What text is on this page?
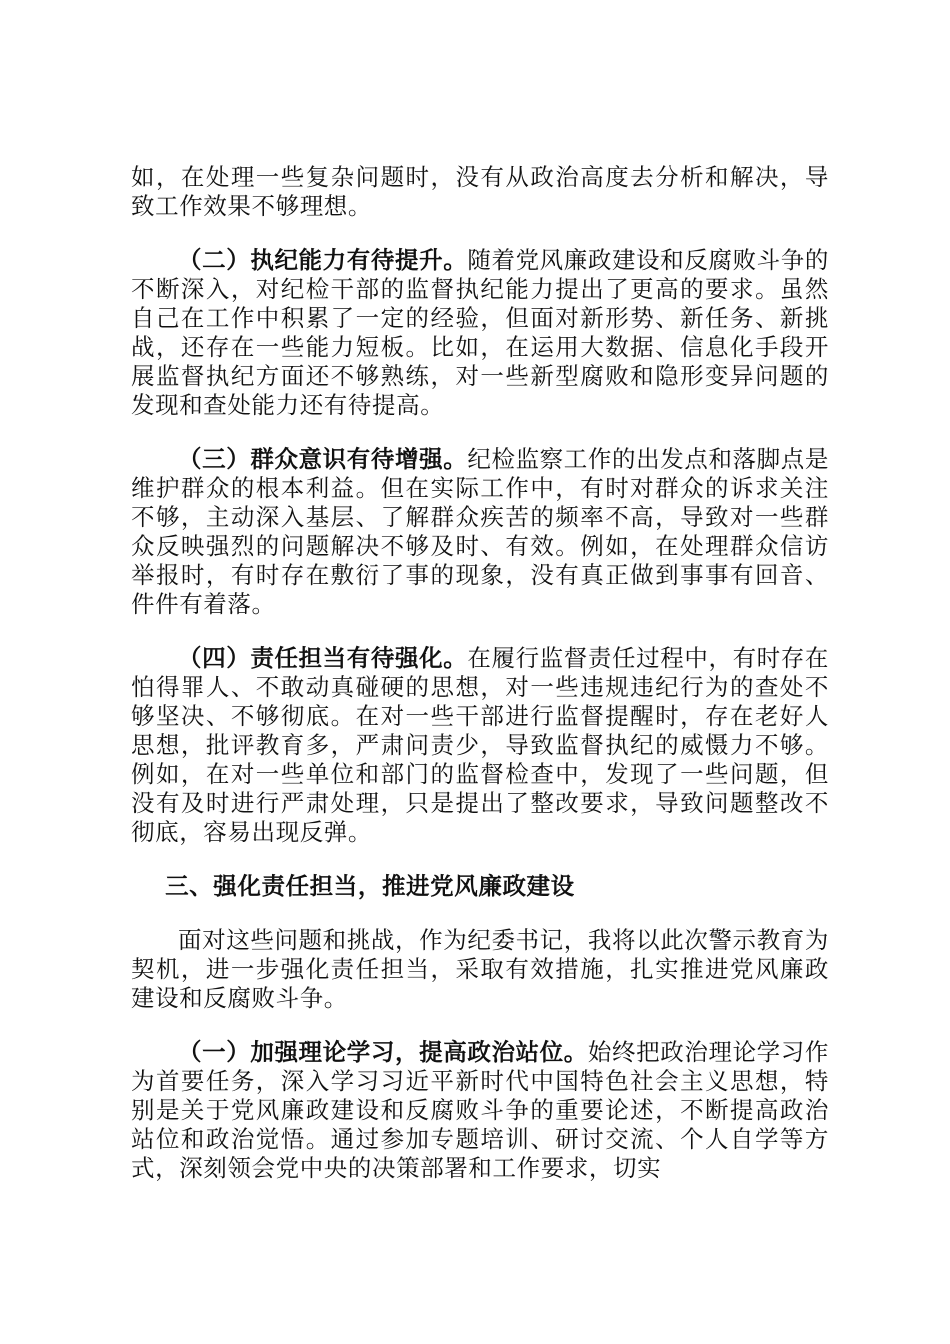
如，在处理一些复杂问题时，没有从政治高度去分析和解决，导致工作效果不够理想。

（二）执纪能力有待提升。随着党风廉政建设和反腐败斗争的不断深入，对纪检干部的监督执纪能力提出了更高的要求。虽然自己在工作中积累了一定的经验，但面对新形势、新任务、新挑战，还存在一些能力短板。比如，在运用大数据、信息化手段开展监督执纪方面还不够熟练，对一些新型腐败和隐形变异问题的发现和查处能力还有待提高。

（三）群众意识有待增强。纪检监察工作的出发点和落脚点是维护群众的根本利益。但在实际工作中，有时对群众的诉求关注不够，主动深入基层、了解群众疾苦的频率不高，导致对一些群众反映强烈的问题解决不够及时、有效。例如，在处理群众信访举报时，有时存在敷衍了事的现象，没有真正做到事事有回音、件件有着落。

（四）责任担当有待强化。在履行监督责任过程中，有时存在怕得罪人、不敢动真碰硬的思想，对一些违规违纪行为的查处不够坚决、不够彻底。在对一些干部进行监督提醒时，存在老好人思想，批评教育多，严肃问责少，导致监督执纪的威慑力不够。例如，在对一些单位和部门的监督检查中，发现了一些问题，但没有及时进行严肃处理，只是提出了整改要求，导致问题整改不彻底，容易出现反弹。

三、强化责任担当，推进党风廉政建设

面对这些问题和挑战，作为纪委书记，我将以此次警示教育为契机，进一步强化责任担当，采取有效措施，扎实推进党风廉政建设和反腐败斗争。

（一）加强理论学习，提高政治站位。始终把政治理论学习作为首要任务，深入学习习近平新时代中国特色社会主义思想，特别是关于党风廉政建设和反腐败斗争的重要论述，不断提高政治站位和政治觉悟。通过参加专题培训、研讨交流、个人自学等方式，深刻领会党中央的决策部署和工作要求，切实
